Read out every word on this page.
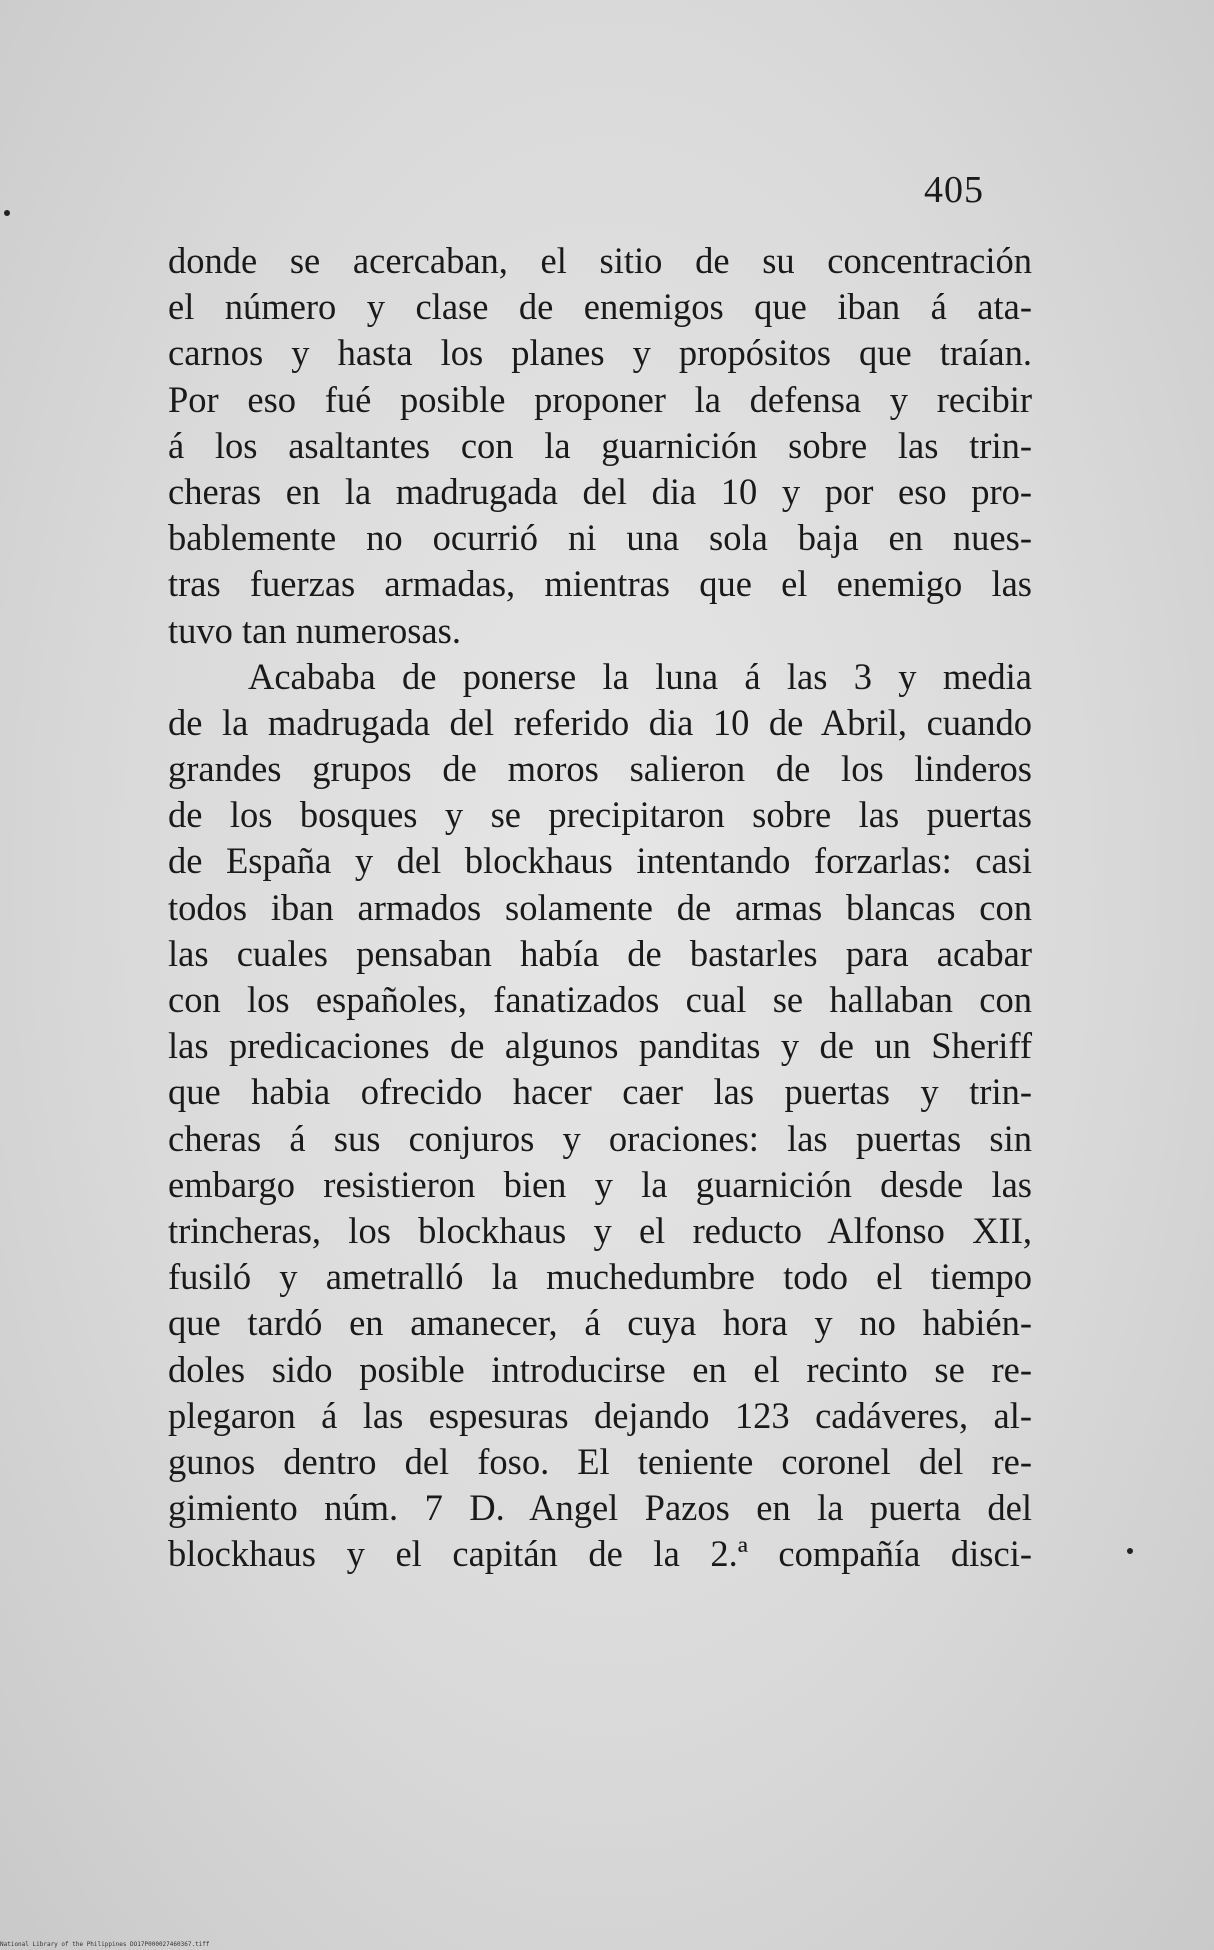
405
donde se acercaban, el sitio de su concentración
el número y clase de enemigos que iban á ata-
carnos y hasta los planes y propósitos que traían.
Por eso fué posible proponer la defensa y recibir
á los asaltantes con la guarnición sobre las trin-
cheras en la madrugada del dia 10 y por eso pro-
bablemente no ocurrió ni una sola baja en nues-
tras fuerzas armadas, mientras que el enemigo las
tuvo tan numerosas.
Acababa de ponerse la luna á las 3 y media
de la madrugada del referido dia 10 de Abril, cuando
grandes grupos de moros salieron de los linderos
de los bosques y se precipitaron sobre las puertas
de España y del blockhaus intentando forzarlas: casi
todos iban armados solamente de armas blancas con
las cuales pensaban había de bastarles para acabar
con los españoles, fanatizados cual se hallaban con
las predicaciones de algunos panditas y de un Sheriff
que habia ofrecido hacer caer las puertas y trin-
cheras á sus conjuros y oraciones: las puertas sin
embargo resistieron bien y la guarnición desde las
trincheras, los blockhaus y el reducto Alfonso XII,
fusiló y ametralló la muchedumbre todo el tiempo
que tardó en amanecer, á cuya hora y no habién-
doles sido posible introducirse en el recinto se re-
plegaron á las espesuras dejando 123 cadáveres, al-
gunos dentro del foso. El teniente coronel del re-
gimiento núm. 7 D. Angel Pazos en la puerta del
blockhaus y el capitán de la 2.ª compañía disci-
National Library of the Philippines DO17P000027460367.tiff
